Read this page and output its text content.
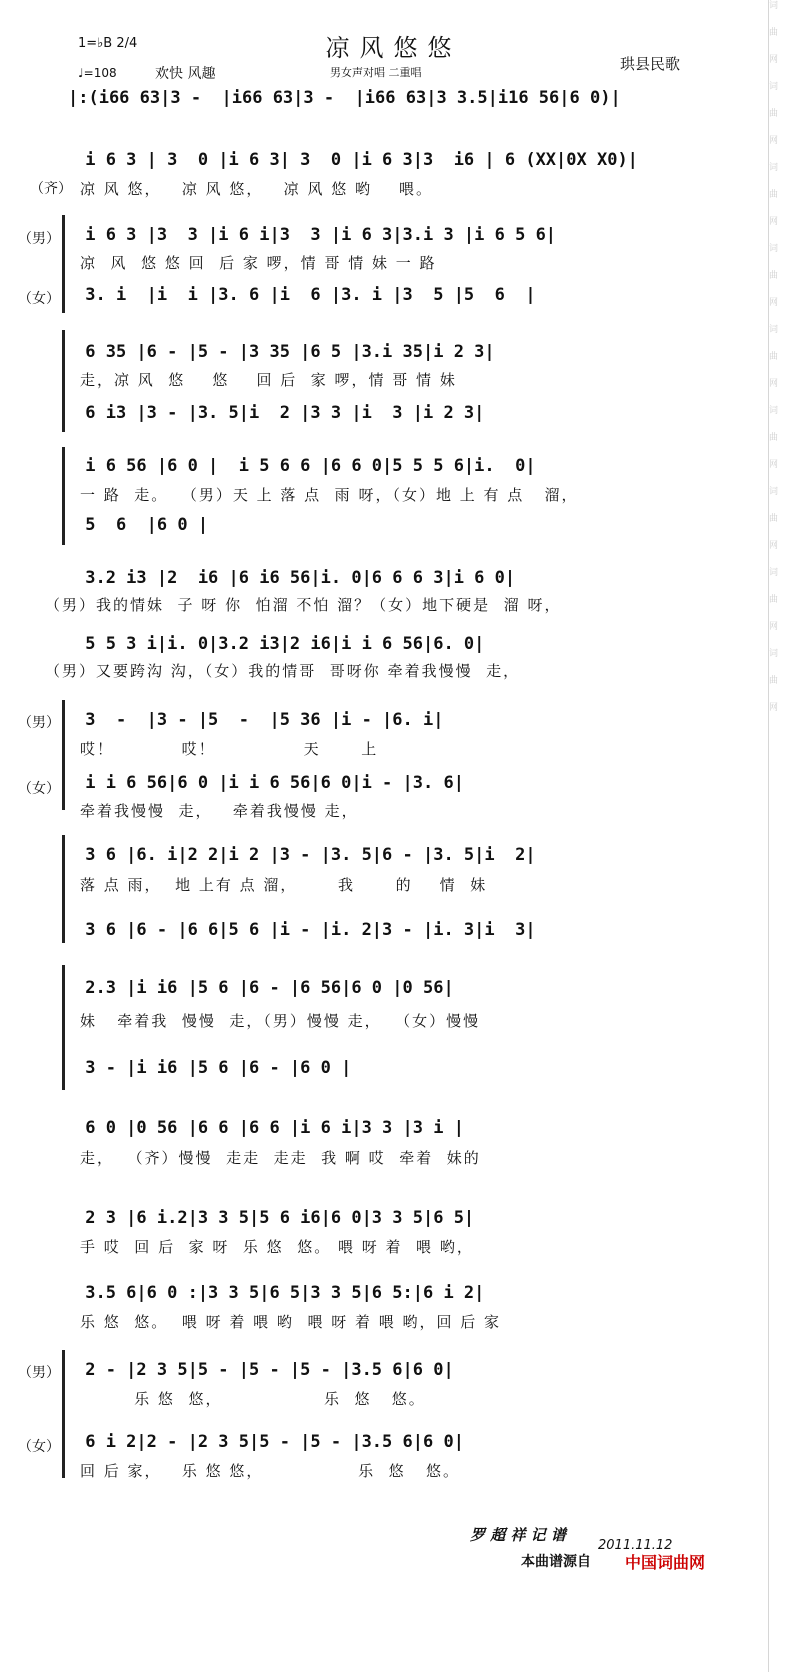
词曲网词曲网词曲网词曲网词曲网词曲网词曲网词曲网词曲网
凉风悠悠
1=♭B 2/4
♩=108	欢快 风趣	男女声对唱 二重唱	珙县民歌
|:(i66 63|3 -  |i66 63|3 -  |i66 63|3 3.5|i16 56|6 0)|
i 6 3 | 3  0 |i 6 3| 3  0 |i 6 3|3  i6 | 6 (XX|0X X0)|
（齐） 凉 风 悠，   凉 风 悠，   凉 风 悠 哟    喂。
（男） i 6 3 |3  3 |i 6 i|3  3 |i 6 3|3.i 3 |i 6 5 6|
凉  风  悠 悠 回  后 家 啰，情 哥 情 妹 一 路
（女） 3. i  |i  i |3. 6 |i  6 |3. i |3  5 |5  6  |
6 35 |6 - |5 - |3 35 |6 5 |3.i 35|i 2 3|
走，凉 风  悠    悠    回 后  家 啰，情 哥 情 妹
6 i3 |3 - |3. 5|i  2 |3 3 |i  3 |i 2 3|
i 6 56 |6 0 |  i 5 6 6 |6 6 0|5 5 5 6|i.  0|
一 路  走。  （男）天 上 落 点  雨 呀，（女）地 上 有 点   溜，
5  6  |6 0 |
3.2 i3 |2  i6 |6 i6 56|i. 0|6 6 6 3|i 6 0|
（男）我的情妹  子 呀 你  怕溜 不怕 溜？（女）地下硬是  溜 呀，
5 5 3 i|i. 0|3.2 i3|2 i6|i i 6 56|6. 0|
（男）又要跨沟 沟，（女）我的情哥  哥呀你 牵着我慢慢  走，
（男） 3  -  |3 - |5  -  |5 36 |i - |6. i|
哎！          哎！             天      上
（女） i i 6 56|6 0 |i i 6 56|6 0|i - |3. 6|
牵着我慢慢  走，   牵着我慢慢 走，
3 6 |6. i|2 2|i 2 |3 - |3. 5|6 - |3. 5|i  2|
落 点 雨，  地 上有 点 溜，      我      的    情  妹
3 6 |6 - |6 6|5 6 |i - |i. 2|3 - |i. 3|i  3|
2.3 |i i6 |5 6 |6 - |6 56|6 0 |0 56|
妹   牵着我  慢慢  走，（男）慢慢 走，  （女）慢慢
3 - |i i6 |5 6 |6 - |6 0 |
6 0 |0 56 |6 6 |6 6 |i 6 i|3 3 |3 i |
走，  （齐）慢慢  走走  走走  我 啊 哎  牵着  妹的
2 3 |6 i.2|3 3 5|5 6 i6|6 0|3 3 5|6 5|
手 哎  回 后  家 呀  乐 悠  悠。 喂 呀 着  喂 哟，
3.5 6|6 0 :|3 3 5|6 5|3 3 5|6 5:|6 i 2|
乐 悠  悠。  喂 呀 着 喂 哟  喂 呀 着 喂 哟，回 后 家
（男） 2 - |2 3 5|5 - |5 - |5 - |3.5 6|6 0|
乐 悠  悠，               乐  悠   悠。
（女） 6 i 2|2 - |2 3 5|5 - |5 - |3.5 6|6 0|
回 后 家，   乐 悠 悠，              乐  悠   悠。
罗 超 祥 记 谱
2011.11.12
本曲谱源自 中国词曲网
